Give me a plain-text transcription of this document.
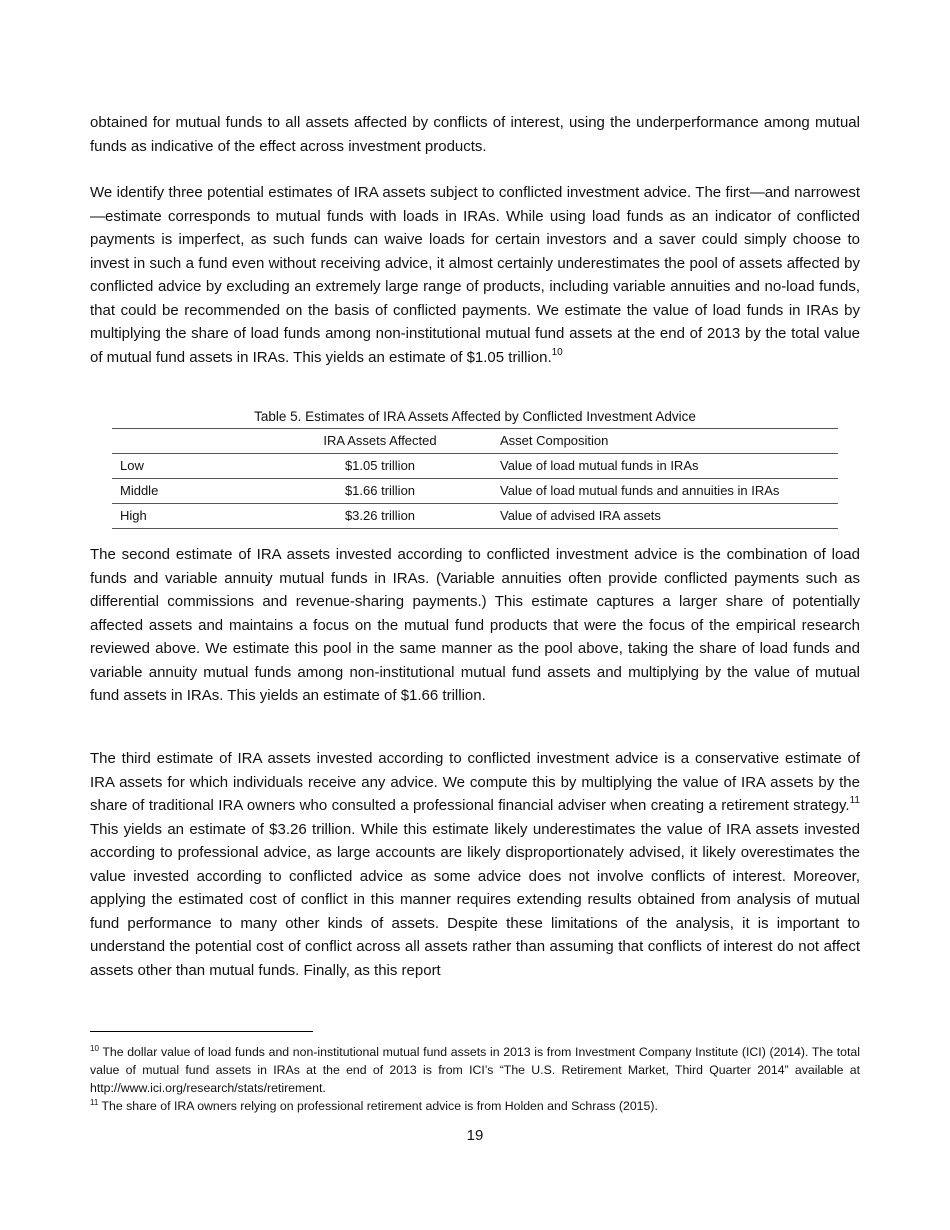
obtained for mutual funds to all assets affected by conflicts of interest, using the underperformance among mutual funds as indicative of the effect across investment products.

We identify three potential estimates of IRA assets subject to conflicted investment advice. The first—and narrowest—estimate corresponds to mutual funds with loads in IRAs. While using load funds as an indicator of conflicted payments is imperfect, as such funds can waive loads for certain investors and a saver could simply choose to invest in such a fund even without receiving advice, it almost certainly underestimates the pool of assets affected by conflicted advice by excluding an extremely large range of products, including variable annuities and no-load funds, that could be recommended on the basis of conflicted payments. We estimate the value of load funds in IRAs by multiplying the share of load funds among non-institutional mutual fund assets at the end of 2013 by the total value of mutual fund assets in IRAs. This yields an estimate of $1.05 trillion.$^{10}$

Table 5. Estimates of IRA Assets Affected by Conflicted Investment Advice
	IRA Assets Affected	Asset Composition
Low	$1.05 trillion	Value of load mutual funds in IRAs
Middle	$1.66 trillion	Value of load mutual funds and annuities in IRAs
High	$3.26 trillion	Value of advised IRA assets

The second estimate of IRA assets invested according to conflicted investment advice is the combination of load funds and variable annuity mutual funds in IRAs. (Variable annuities often provide conflicted payments such as differential commissions and revenue-sharing payments.) This estimate captures a larger share of potentially affected assets and maintains a focus on the mutual fund products that were the focus of the empirical research reviewed above. We estimate this pool in the same manner as the pool above, taking the share of load funds and variable annuity mutual funds among non-institutional mutual fund assets and multiplying by the value of mutual fund assets in IRAs. This yields an estimate of $1.66 trillion.

The third estimate of IRA assets invested according to conflicted investment advice is a conservative estimate of IRA assets for which individuals receive any advice. We compute this by multiplying the value of IRA assets by the share of traditional IRA owners who consulted a professional financial adviser when creating a retirement strategy.$^{11}$ This yields an estimate of $3.26 trillion. While this estimate likely underestimates the value of IRA assets invested according to professional advice, as large accounts are likely disproportionately advised, it likely overestimates the value invested according to conflicted advice as some advice does not involve conflicts of interest. Moreover, applying the estimated cost of conflict in this manner requires extending results obtained from analysis of mutual fund performance to many other kinds of assets. Despite these limitations of the analysis, it is important to understand the potential cost of conflict across all assets rather than assuming that conflicts of interest do not affect assets other than mutual funds. Finally, as this report

$^{10}$ The dollar value of load funds and non-institutional mutual fund assets in 2013 is from Investment Company Institute (ICI) (2014). The total value of mutual fund assets in IRAs at the end of 2013 is from ICI’s “The U.S. Retirement Market, Third Quarter 2014” available at http://www.ici.org/research/stats/retirement.
$^{11}$ The share of IRA owners relying on professional retirement advice is from Holden and Schrass (2015).
19
